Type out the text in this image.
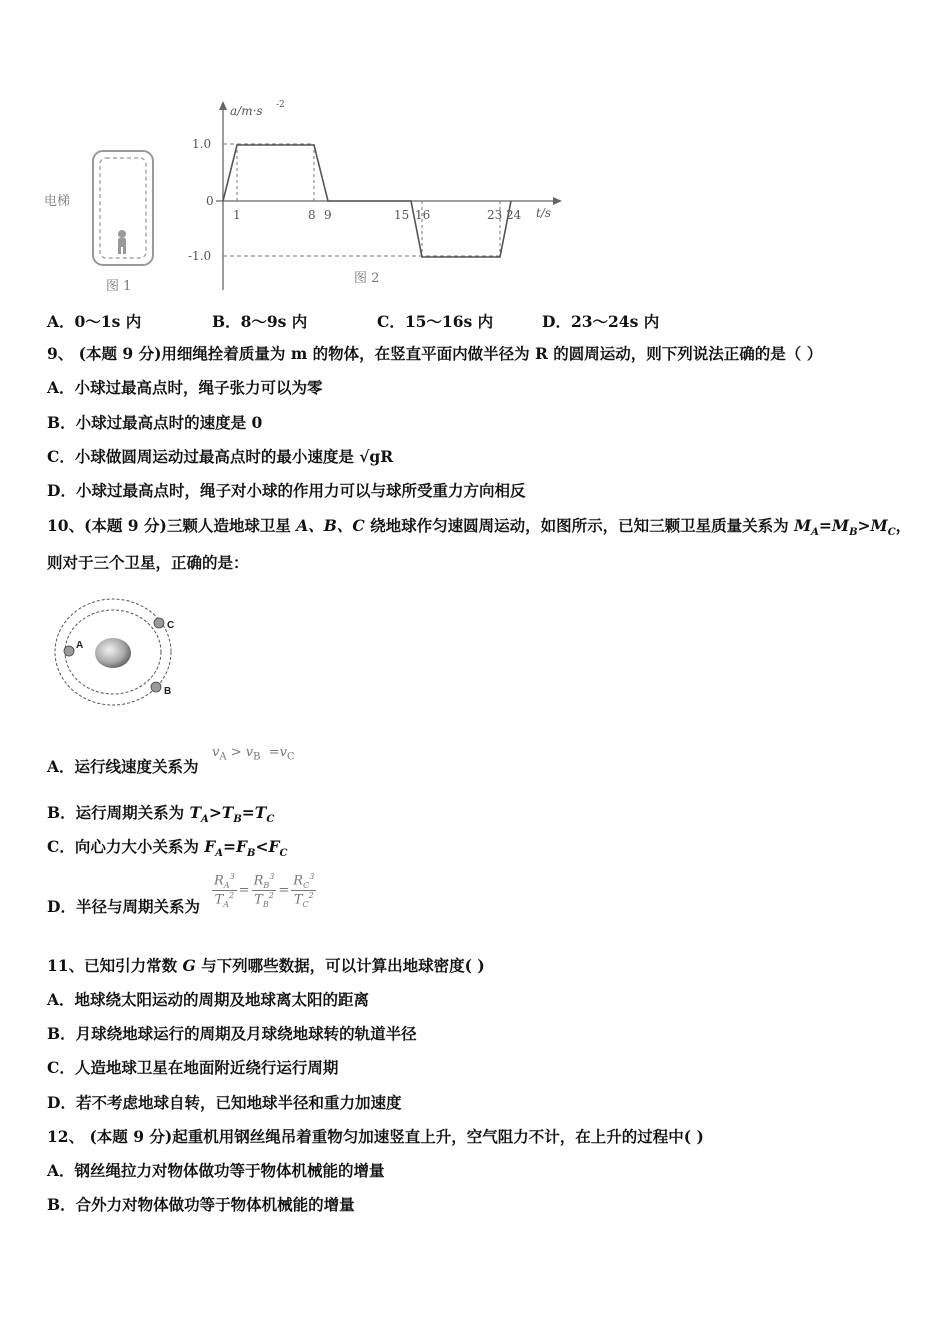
电梯
图 1
a/m·s -2
1.0
0
-1.0
1	8 9	15 16	23 24 t/s
图 2
A．0～1s 内	B．8～9s 内	C．15～16s 内	D．23～24s 内
9、 (本题 9 分)用细绳拴着质量为 m 的物体，在竖直平面内做半径为 R 的圆周运动，则下列说法正确的是（ ）
A．小球过最高点时，绳子张力可以为零
B．小球过最高点时的速度是 0
C．小球做圆周运动过最高点时的最小速度是 √gR
D．小球过最高点时，绳子对小球的作用力可以与球所受重力方向相反
10、(本题 9 分)三颗人造地球卫星 A、B、C 绕地球作匀速圆周运动，如图所示，已知三颗卫星质量关系为 $M_A=M_B>M_C$，
则对于三个卫星，正确的是：
A
B
C
A．运行线速度关系为
$v_A > v_B =v_C$
B．运行周期关系为 $T_A>T_B=T_C$
C．向心力大小关系为 $F_A=F_B<F_C$
D．半径与周期关系为 $\frac{R_A^3}{T_A^2} = \frac{R_B^3}{T_B^2} = \frac{R_C^3}{T_C^2}$
11、已知引力常数 G 与下列哪些数据，可以计算出地球密度( )
A．地球绕太阳运动的周期及地球离太阳的距离
B．月球绕地球运行的周期及月球绕地球转的轨道半径
C．人造地球卫星在地面附近绕行运行周期
D．若不考虑地球自转，已知地球半径和重力加速度
12、 (本题 9 分)起重机用钢丝绳吊着重物匀加速竖直上升，空气阻力不计，在上升的过程中( )
A．钢丝绳拉力对物体做功等于物体机械能的增量
B．合外力对物体做功等于物体机械能的增量
